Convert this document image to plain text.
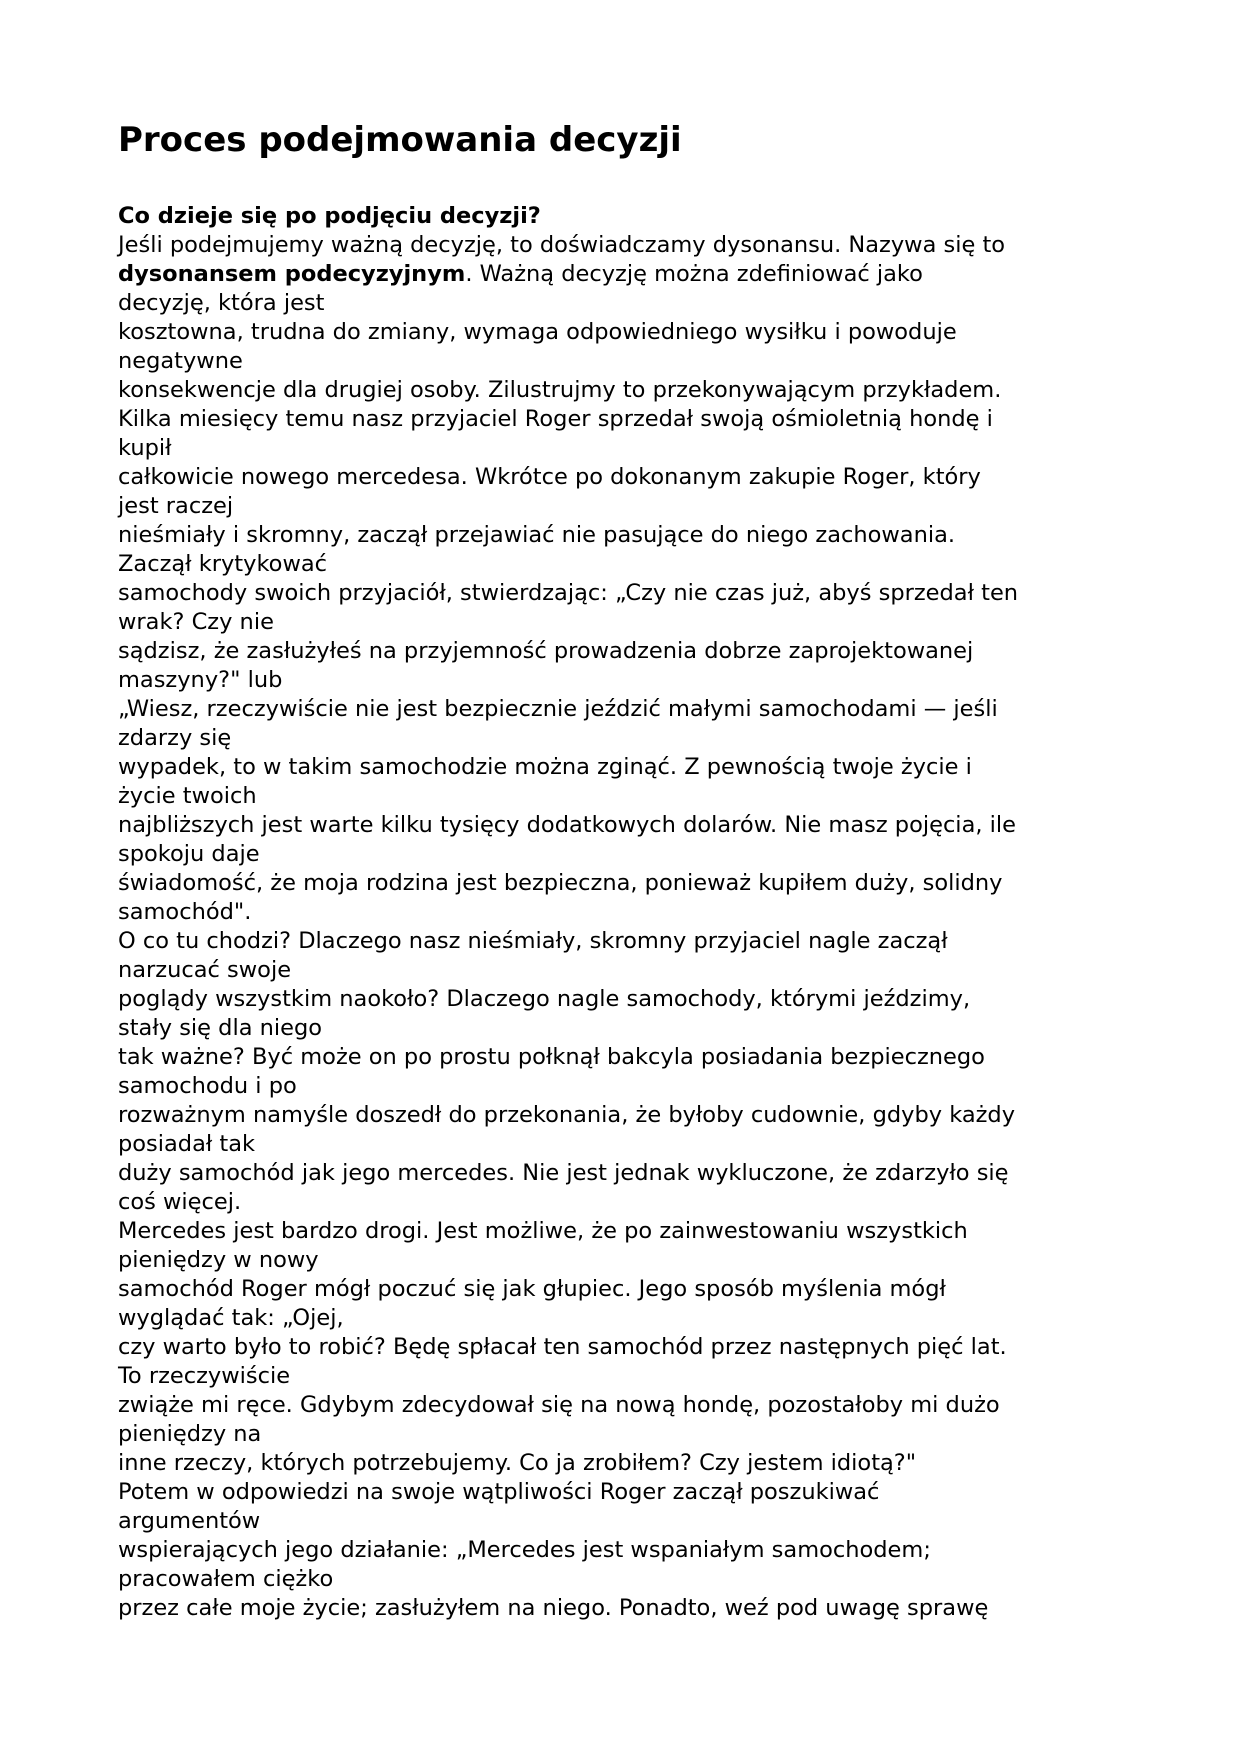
Proces podejmowania decyzji

Co dzieje się po podjęciu decyzji?

Jeśli podejmujemy ważną decyzję, to doświadczamy dysonansu. Nazywa się to

dysonansem podecyzyjnym. Ważną decyzję można zdefiniować jako

decyzję, która jest

kosztowna, trudna do zmiany, wymaga odpowiedniego wysiłku i powoduje

negatywne

konsekwencje dla drugiej osoby. Zilustrujmy to przekonywającym przykładem.

Kilka miesięcy temu nasz przyjaciel Roger sprzedał swoją ośmioletnią hondę i

kupił

całkowicie nowego mercedesa. Wkrótce po dokonanym zakupie Roger, który

jest raczej

nieśmiały i skromny, zaczął przejawiać nie pasujące do niego zachowania.

Zaczął krytykować

samochody swoich przyjaciół, stwierdzając: „Czy nie czas już, abyś sprzedał ten

wrak? Czy nie

sądzisz, że zasłużyłeś na przyjemność prowadzenia dobrze zaprojektowanej

maszyny?" lub

„Wiesz, rzeczywiście nie jest bezpiecznie jeździć małymi samochodami — jeśli

zdarzy się

wypadek, to w takim samochodzie można zginąć. Z pewnością twoje życie i

życie twoich

najbliższych jest warte kilku tysięcy dodatkowych dolarów. Nie masz pojęcia, ile

spokoju daje

świadomość, że moja rodzina jest bezpieczna, ponieważ kupiłem duży, solidny

samochód".

O co tu chodzi? Dlaczego nasz nieśmiały, skromny przyjaciel nagle zaczął

narzucać swoje

poglądy wszystkim naokoło? Dlaczego nagle samochody, którymi jeździmy,

stały się dla niego

tak ważne? Być może on po prostu połknął bakcyla posiadania bezpiecznego

samochodu i po

rozważnym namyśle doszedł do przekonania, że byłoby cudownie, gdyby każdy

posiadał tak

duży samochód jak jego mercedes. Nie jest jednak wykluczone, że zdarzyło się

coś więcej.

Mercedes jest bardzo drogi. Jest możliwe, że po zainwestowaniu wszystkich

pieniędzy w nowy

samochód Roger mógł poczuć się jak głupiec. Jego sposób myślenia mógł

wyglądać tak: „Ojej,

czy warto było to robić? Będę spłacał ten samochód przez następnych pięć lat.

To rzeczywiście

zwiąże mi ręce. Gdybym zdecydował się na nową hondę, pozostałoby mi dużo

pieniędzy na

inne rzeczy, których potrzebujemy. Co ja zrobiłem? Czy jestem idiotą?"

Potem w odpowiedzi na swoje wątpliwości Roger zaczął poszukiwać

argumentów

wspierających jego działanie: „Mercedes jest wspaniałym samochodem;

pracowałem ciężko

przez całe moje życie; zasłużyłem na niego. Ponadto, weź pod uwagę sprawę
